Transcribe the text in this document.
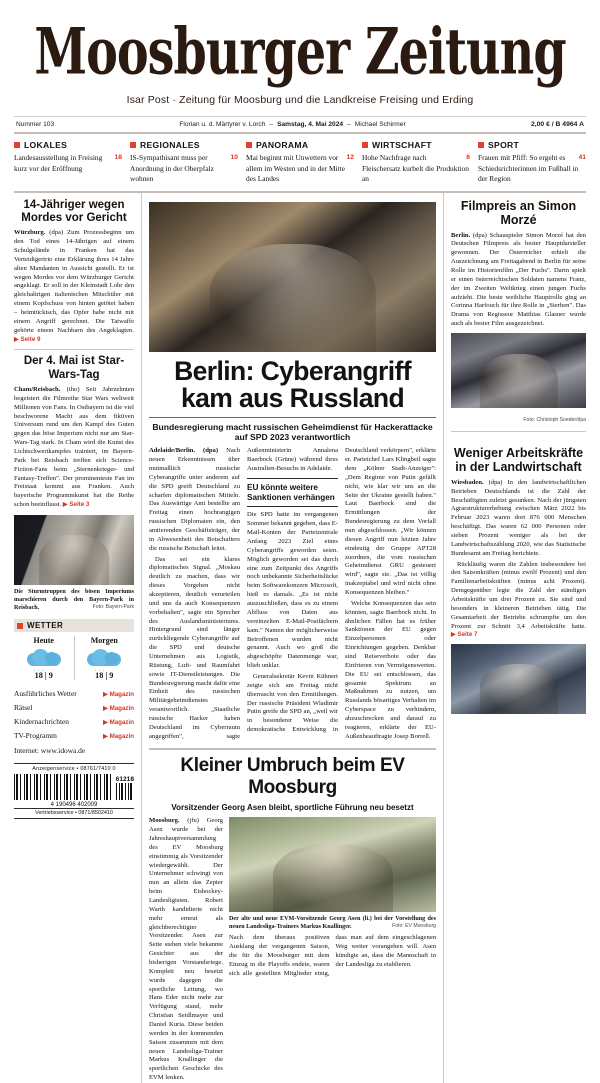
Moosburger Zeitung
Isar Post · Zeitung für Moosburg und die Landkreise Freising und Erding
Nummer 103	Florian u. d. Märtyrer v. Lorch – Samstag, 4. Mai 2024 – Michael Schirmer	2,00 € / B 4964 A
LOKALES
18
Landesausstellung in Freising kurz vor der Eröffnung
REGIONALES
10
IS-Sympathisant muss per Anordnung in der Oberpfalz wohnen
PANORAMA
12
Mai beginnt mit Unwettern vor allem im Westen und in der Mitte des Landes
WIRTSCHAFT
6
Hohe Nachfrage nach Fleischersatz kurbelt die Produktion an
SPORT
41
Frauen mit Pfiff: So ergeht es Schiedsrichterinnen im Fußball in der Region
14-Jähriger wegen Mordes vor Gericht

Würzburg. (dpa) Zum Prozessbeginn um den Tod eines 14-Jährigen auf einem Schulgelände in Franken hat das Verteidigertrio eine Erklärung ihres 14 Jahre alten Mandanten in Aussicht gestellt. Er ist wegen Mordes vor dem Würzburger Gericht angeklagt. Er soll in der Kleinstadt Lohr den gleichaltrigen italienischen Mitschüler mit einem Kopfschuss von hinten getötet haben – heimtückisch, das Opfer habe nicht mit einem Angriff gerechnet. Die Tatwaffe gehörte einem Nachbarn des Angeklagten. ▶ Seite 9

Der 4. Mai ist Star-Wars-Tag

Cham/Reisbach. (tho) Seit Jahrzehnten begeistert die Filmreihe Star Wars weltweit Millionen von Fans. In Ostbayern ist die viel beschworene Macht aus dem fiktiven Universum rund um den Kampf des Guten gegen das böse Imperium nicht nur am Star-Wars-Tag stark. In Cham wird die Kunst des Lichtschwertkampfes trainiert, im Bayern-Park bei Reisbach treffen sich Science-Fiction-Fans beim „Sternenkrieger- und Fantasy-Treffen". Der prominenteste Fan im Freistaat kommt aus Franken. Auch bayerische Programmkunst hat die Reihe schon beeinflusst. ▶ Seite 3

Die Sturmtruppen des bösen Imperiums marschieren durch den Bayern-Park in Reisbach.	Foto: Bayern-Park
WETTER
Heute
‚‚‚
18 | 9
Morgen
‚‚‚
18 | 9
Ausführliches Wetter	▶ Magazin
Rätsel	▶ Magazin
Kindernachrichten	▶ Magazin
TV-Programm	▶ Magazin
Internet: www.idowa.de
Anzeigenservice • 08761/7410 0
61218
4 190496 402009
Vertriebsservice • 0871/8502410
Berlin: Cyberangriff kam aus Russland
Bundesregierung macht russischen Geheimdienst für Hackerattacke auf SPD 2023 verantwortlich

Adelaide/Berlin. (dpa) Nach neuen Erkenntnissen über mutmaßlich russische Cyberangriffe unter anderem auf die SPD greift Deutschland zu scharfen diplomatischen Mitteln. Das Auswärtige Amt bestellte am Freitag einen hochrangigen russischen Diplomaten ein, den amtierenden Geschäftsträger, der in Abwesenheit des Botschafters die russische Botschaft leitet.

Das sei ein klares diplomatisches Signal. „Moskau deutlich zu machen, dass wir dieses Vorgehen nicht akzeptieren, deutlich verurteilen und uns da auch Konsequenzen vorbehalten", sagte ein Sprecher des Auslandsministeriums. Hintergrund sind länger zurückliegende Cyberangriffe auf die SPD und deutsche Unternehmen aus Logistik, Rüstung, Luft- und Raumfahrt sowie IT-Dienstleistungen. Die Bundesregierung macht dafür eine Einheit des russischen Militärgeheimdienstes verantwortlich. „Staatliche russische Hacker haben Deutschland im Cyberraum angegriffen", sagte Außenministerin Annalena Baerbock (Grüne) während ihres Australien-Besuchs in Adelaide.

EU könnte weitere Sanktionen verhängen

Die SPD hatte im vergangenen Sommer bekannt gegeben, dass E-Mail-Konten der Parteizentrale Anfang 2023 Ziel eines Cyberangriffs geworden seien. Möglich geworden sei das durch eine zum Zeitpunkt des Angriffs noch unbekannte Sicherheitslücke beim Softwarekonzern Microsoft, hieß es damals. „Es ist nicht auszuschließen, dass es zu einem Abfluss von Daten aus vereinzelten E-Mail-Postfächern kam." Namen der möglicherweise Betroffenen wurden nicht genannt. Auch wo groß die abgeschöpfte Datenmenge war, blieb unklar.

Generalsekretär Kevin Kühnert zeigte sich am Freitag nicht überrascht von den Ermittlungen. Der russische Präsident Wladimir Putin greife die SPD an, „weil wir in besonderer Weise die demokratische Entwicklung in Deutschland verkörpern", erklärte er. Parteichef Lars Klingbeil sagte dem „Kölner Stadt-Anzeiger": „Dem Regime von Putin gefällt nicht, wie klar wir uns an die Seite der Ukraine gestellt haben." Laut Baerbock sind die Ermittlungen der Bundesregierung zu dem Vorfall nun abgeschlossen. „Wir können diesen Angriff nun letzten Jahre eindeutig der Gruppe APT28 zuordnen, die vom russischen Geheimdienst GRU gesteuert wird", sagte sie. „Das ist völlig inakzeptabel und wird nicht ohne Konsequenzen bleiben."

Welche Konsequenzen das sein könnten, sagte Baerbock nicht. In ähnlichen Fällen hat es früher Sanktionen der EU gegen Einzelpersonen oder Einrichtungen gegeben. Denkbar sind Reiseverbote oder das Einfrieren von Vermögenswerten. Die EU sei entschlossen, das gesamte Spektrum an Maßnahmen zu nutzen, um Russlands bösartiges Verhalten im Cyberspace zu verhindern, abzuschrecken und darauf zu reagieren, erklärte der EU-Außenbeauftragte Josep Borrell.

Kleiner Umbruch beim EV Moosburg
Vorsitzender Georg Asen bleibt, sportliche Führung neu besetzt

Moosburg. (jfu) Georg Asen wurde bei der Jahreshauptversammlung des EV Moosburg einstimmig als Vorsitzender wiedergewählt. Der Unternehmer schwingt von nun an allein das Zepter beim Eishockey-Landesligisten. Robert Warth kandidierte nicht mehr erneut als gleichberechtigter Vorsitzender. Asen zur Seite stehen viele bekannte Gesichter aus der bisherigen Vorstandsriege. Komplett neu besetzt wurde dagegen die sportliche Leitung, wo Hans Eder nicht mehr zur Verfügung stand, mehr Christian Seidlmayer und Daniel Kuria. Diese beiden werden in der kommenden Saison zusammen mit dem neuen Landesliga-Trainer Markus Knallinger die sportlichen Geschicke des EVM lenken.

Der alte und neue EVM-Vorsitzende Georg Asen (li.) bei der Vorstellung des neuen Landesliga-Trainers Markus Knallinger.	Foto: EV Moosburg

Nach dem überaus positiven Ausklang der vergangenen Saison, die für die Moosburger mit dem Einzug in die Playoffs endete, waren sich alle gestellten Mitglieder einig, dass man auf dem eingeschlagenen Weg weiter vorangehen will. Asen kündigte an, dass die Mannschaft in der Landesliga zu etablieren.

Filmpreis an Simon Morzé

Berlin. (dpa) Schauspieler Simon Morzé hat den Deutschen Filmpreis als bester Hauptdarsteller gewonnen. Der Österreicher erhielt die Auszeichnung am Freitagabend in Berlin für seine Rolle im Historienfilm „Der Fuchs". Darin spielt er einen österreichischen Soldaten namens Franz, der im Zweiten Weltkrieg einen jungen Fuchs aufzieht. Die beste weibliche Hauptrolle ging an Corinna Harfouch für ihre Rolle in „Sterben". Das Drama von Regisseur Matthias Glasner wurde auch als bester Film ausgezeichnet.

Foto: Christoph Soeder/dpa

Weniger Arbeitskräfte in der Landwirtschaft

Wiesbaden. (dpa) In den landwirtschaftlichen Betrieben Deutschlands ist die Zahl der Beschäftigten zuletzt gesunken. Nach der jüngsten Agrarstrukturerhebung zwischen März 2022 bis Februar 2023 waren dort 876 000 Menschen beschäftigt. Das waren 62 000 Personen oder sieben Prozent weniger als bei der Landwirtschaftszählung 2020, wie das Statistische Bundesamt am Freitag berichtete.

Rückläufig waren die Zahlen insbesondere bei den Saisonkräften (minus zwölf Prozent) und den Familienarbeitskräften (minus acht Prozent). Demgegenüber legte die Zahl der ständigen Arbeitskräfte um drei Prozent zu. Sie sind und besonders in kleineren Betrieben tätig. Die Gesamtarbeit der Betriebe schrumpfte um den Prozent zur Schnitt 3,4 Arbeitskräfte hatte. ▶ Seite 7
